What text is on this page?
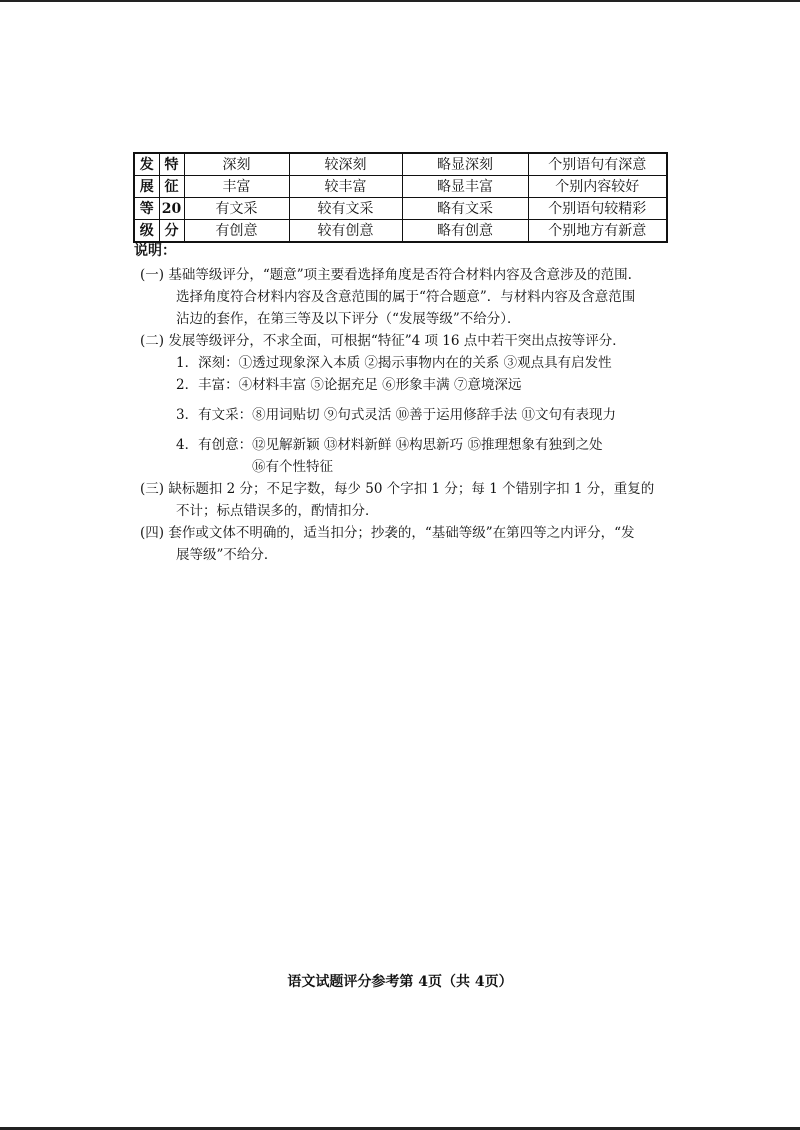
发	特	深刻	较深刻	略显深刻	个别语句有深意
展	征	丰富	较丰富	略显丰富	个别内容较好
等	20	有文采	较有文采	略有文采	个别语句较精彩
级	分	有创意	较有创意	略有创意	个别地方有新意
说明：
(一) 基础等级评分，“题意”项主要看选择角度是否符合材料内容及含意涉及的范围.
选择角度符合材料内容及含意范围的属于“符合题意”．与材料内容及含意范围
沾边的套作，在第三等及以下评分（“发展等级”不给分）．
(二) 发展等级评分，不求全面，可根据“特征”4 项 16 点中若干突出点按等评分．
1．深刻：①透过现象深入本质 ②揭示事物内在的关系 ③观点具有启发性
2．丰富：④材料丰富 ⑤论据充足 ⑥形象丰满 ⑦意境深远
3．有文采：⑧用词贴切 ⑨句式灵活 ⑩善于运用修辞手法 ⑪文句有表现力
4．有创意：⑫见解新颖 ⑬材料新鲜 ⑭构思新巧 ⑮推理想象有独到之处
⑯有个性特征
(三) 缺标题扣 2 分；不足字数，每少 50 个字扣 1 分；每 1 个错别字扣 1 分，重复的
不计；标点错误多的，酌情扣分．
(四) 套作或文体不明确的，适当扣分；抄袭的，“基础等级”在第四等之内评分，“发
展等级”不给分．
语文试题评分参考第 4页（共 4页）
